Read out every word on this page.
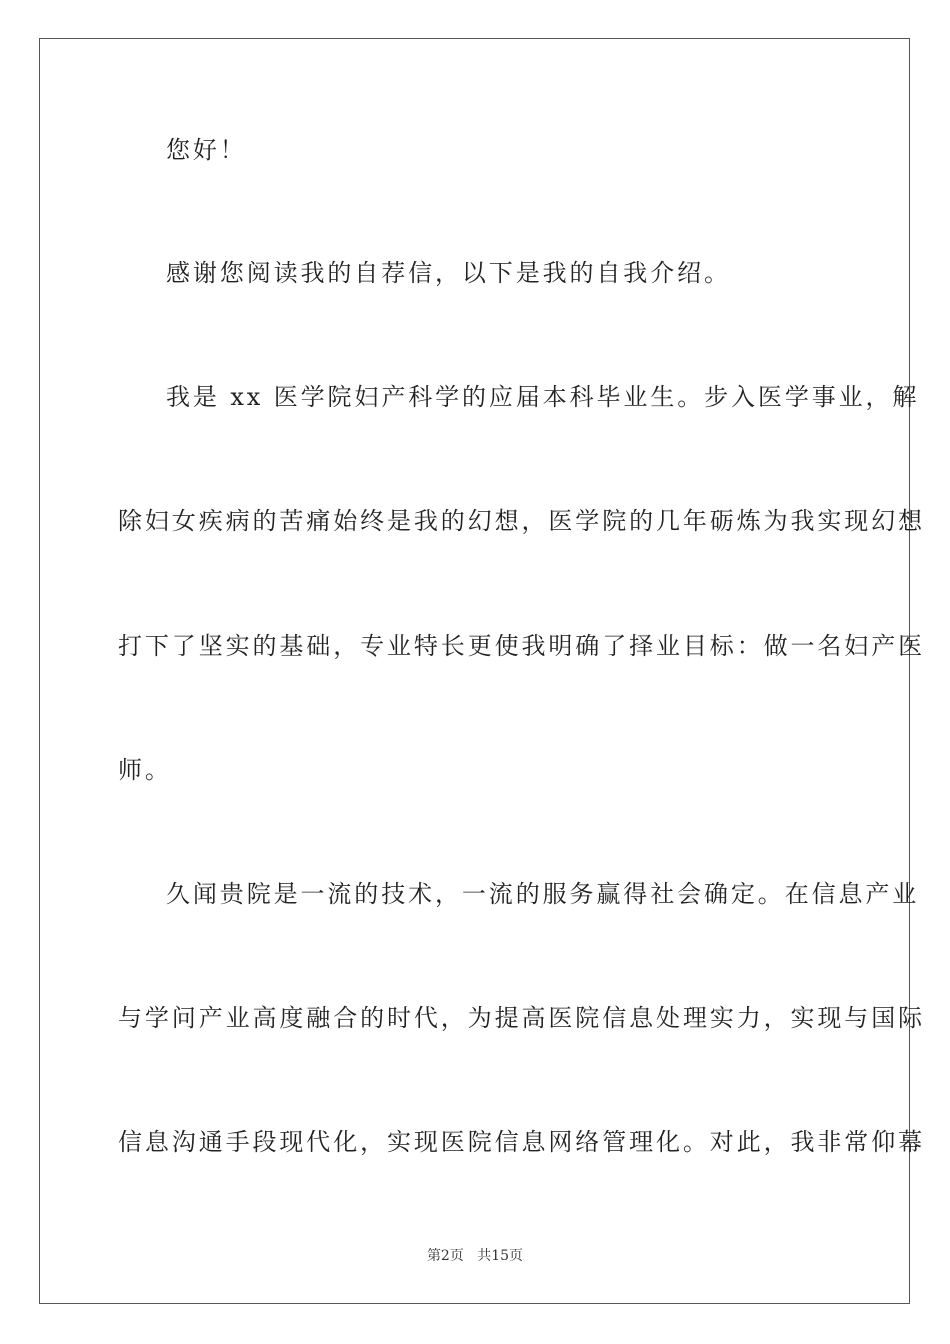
您好！
感谢您阅读我的自荐信，以下是我的自我介绍。
我是 xx 医学院妇产科学的应届本科毕业生。步入医学事业，解
除妇女疾病的苦痛始终是我的幻想，医学院的几年砺炼为我实现幻想
打下了坚实的基础，专业特长更使我明确了择业目标：做一名妇产医
师。
久闻贵院是一流的技术，一流的服务赢得社会确定。在信息产业
与学问产业高度融合的时代，为提高医院信息处理实力，实现与国际
信息沟通手段现代化，实现医院信息网络管理化。对此，我非常仰幕
第2页 共15页
